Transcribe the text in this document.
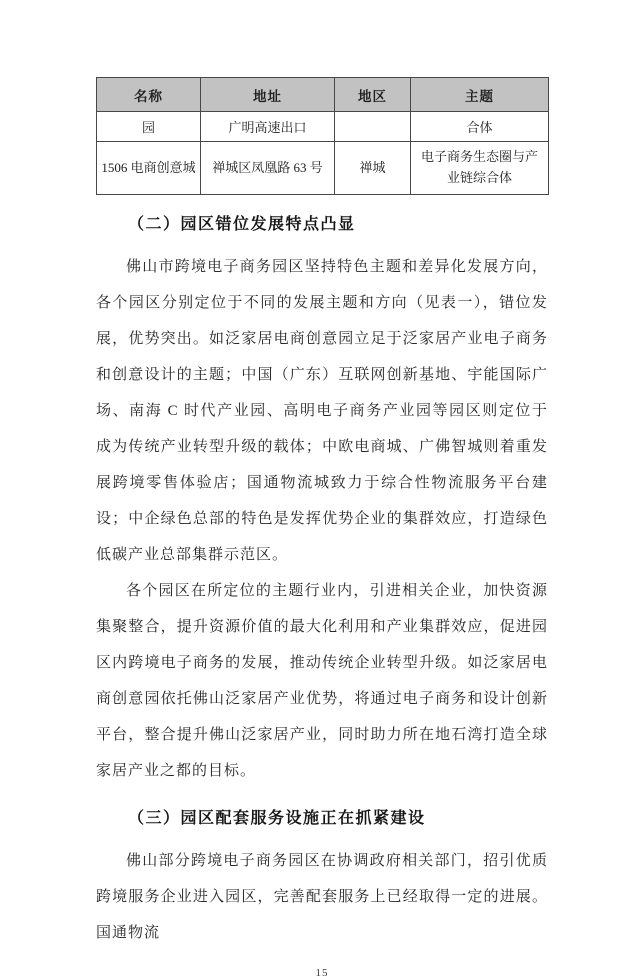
名称	地址	地区	主题
园	广明高速出口		合体
1506 电商创意城	禅城区凤凰路 63 号	禅城	电子商务生态圈与产业链综合体
（二）园区错位发展特点凸显

佛山市跨境电子商务园区坚持特色主题和差异化发展方向，各个园区分别定位于不同的发展主题和方向（见表一），错位发展，优势突出。如泛家居电商创意园立足于泛家居产业电子商务和创意设计的主题；中国（广东）互联网创新基地、宇能国际广场、南海 C 时代产业园、高明电子商务产业园等园区则定位于成为传统产业转型升级的载体；中欧电商城、广佛智城则着重发展跨境零售体验店；国通物流城致力于综合性物流服务平台建设；中企绿色总部的特色是发挥优势企业的集群效应，打造绿色低碳产业总部集群示范区。

各个园区在所定位的主题行业内，引进相关企业，加快资源集聚整合，提升资源价值的最大化利用和产业集群效应，促进园区内跨境电子商务的发展，推动传统企业转型升级。如泛家居电商创意园依托佛山泛家居产业优势，将通过电子商务和设计创新平台，整合提升佛山泛家居产业，同时助力所在地石湾打造全球家居产业之都的目标。

（三）园区配套服务设施正在抓紧建设

佛山部分跨境电子商务园区在协调政府相关部门，招引优质跨境服务企业进入园区，完善配套服务上已经取得一定的进展。国通物流

15
